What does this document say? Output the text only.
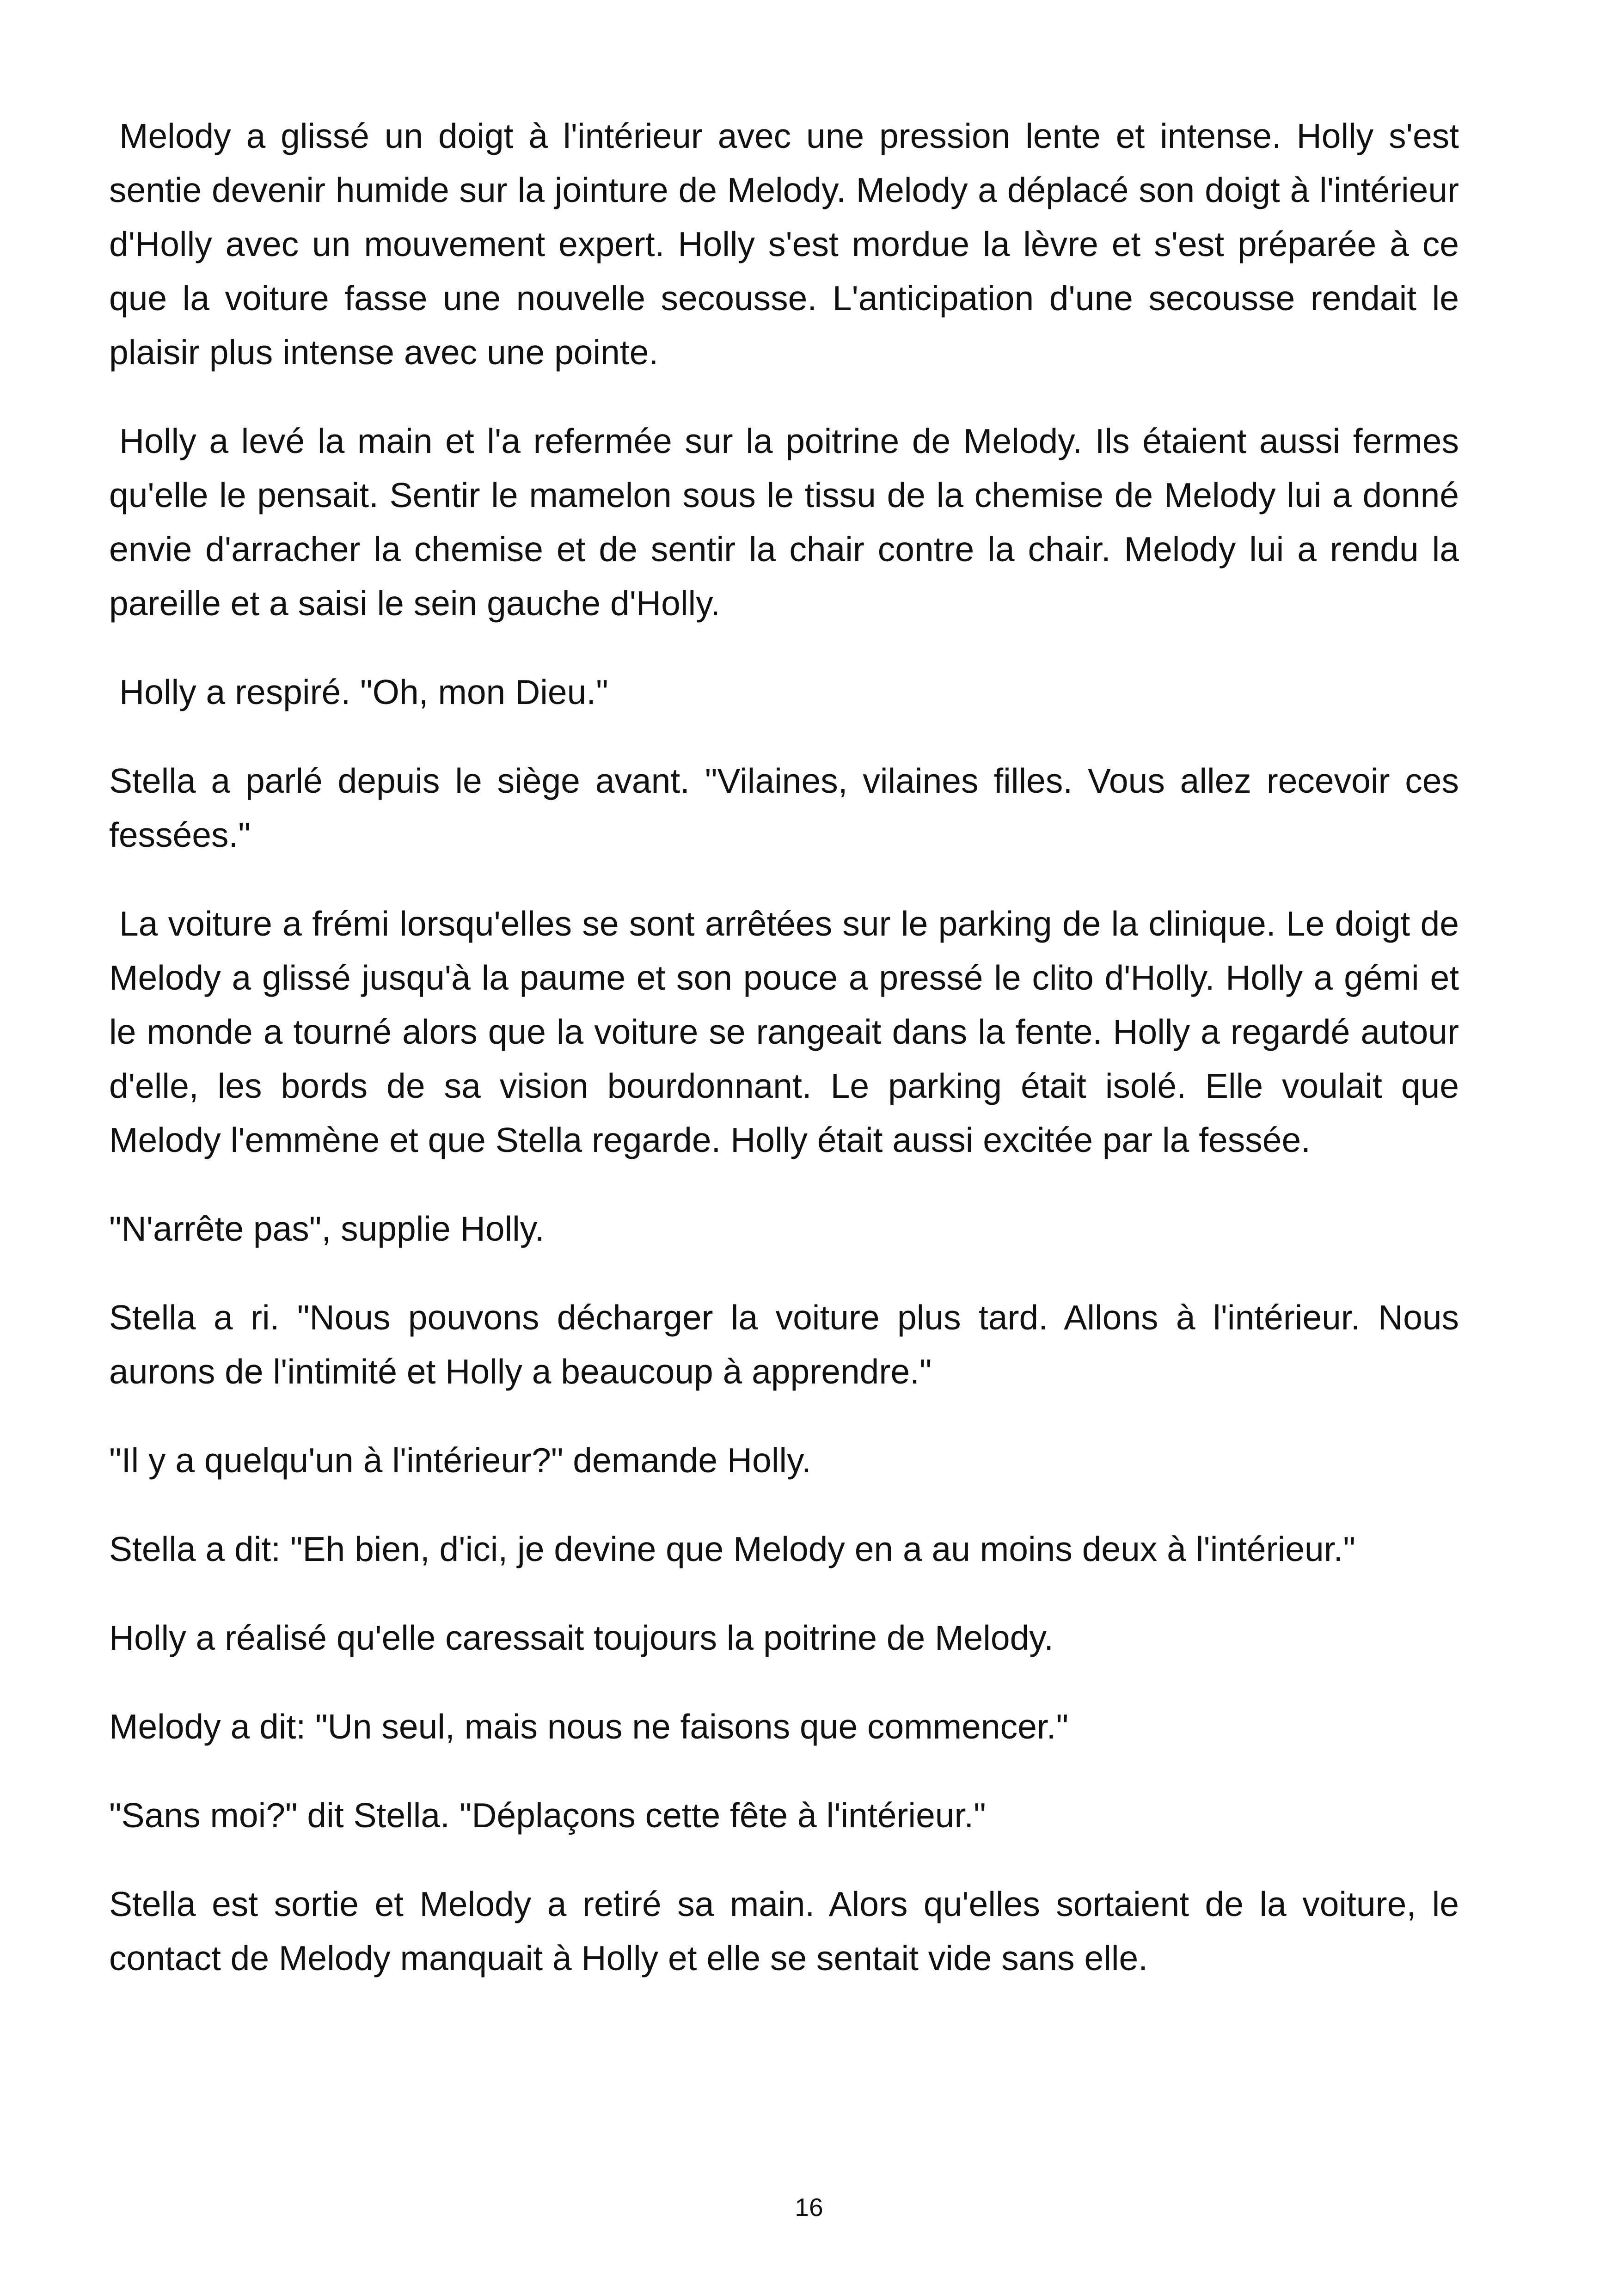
Melody a glissé un doigt à l'intérieur avec une pression lente et intense. Holly s'est sentie devenir humide sur la jointure de Melody. Melody a déplacé son doigt à l'intérieur d'Holly avec un mouvement expert. Holly s'est mordue la lèvre et s'est préparée à ce que la voiture fasse une nouvelle secousse. L'anticipation d'une secousse rendait le plaisir plus intense avec une pointe.

Holly a levé la main et l'a refermée sur la poitrine de Melody. Ils étaient aussi fermes qu'elle le pensait. Sentir le mamelon sous le tissu de la chemise de Melody lui a donné envie d'arracher la chemise et de sentir la chair contre la chair. Melody lui a rendu la pareille et a saisi le sein gauche d'Holly.

Holly a respiré. "Oh, mon Dieu."

Stella a parlé depuis le siège avant. "Vilaines, vilaines filles. Vous allez recevoir ces fessées."

La voiture a frémi lorsqu'elles se sont arrêtées sur le parking de la clinique. Le doigt de Melody a glissé jusqu'à la paume et son pouce a pressé le clito d'Holly. Holly a gémi et le monde a tourné alors que la voiture se rangeait dans la fente. Holly a regardé autour d'elle, les bords de sa vision bourdonnant. Le parking était isolé. Elle voulait que Melody l'emmène et que Stella regarde. Holly était aussi excitée par la fessée.

"N'arrête pas", supplie Holly.

Stella a ri. "Nous pouvons décharger la voiture plus tard. Allons à l'intérieur. Nous aurons de l'intimité et Holly a beaucoup à apprendre."

"Il y a quelqu'un à l'intérieur?" demande Holly.

Stella a dit: "Eh bien, d'ici, je devine que Melody en a au moins deux à l'intérieur."

Holly a réalisé qu'elle caressait toujours la poitrine de Melody.

Melody a dit: "Un seul, mais nous ne faisons que commencer."

"Sans moi?" dit Stella. "Déplaçons cette fête à l'intérieur."

Stella est sortie et Melody a retiré sa main. Alors qu'elles sortaient de la voiture, le contact de Melody manquait à Holly et elle se sentait vide sans elle.

16
